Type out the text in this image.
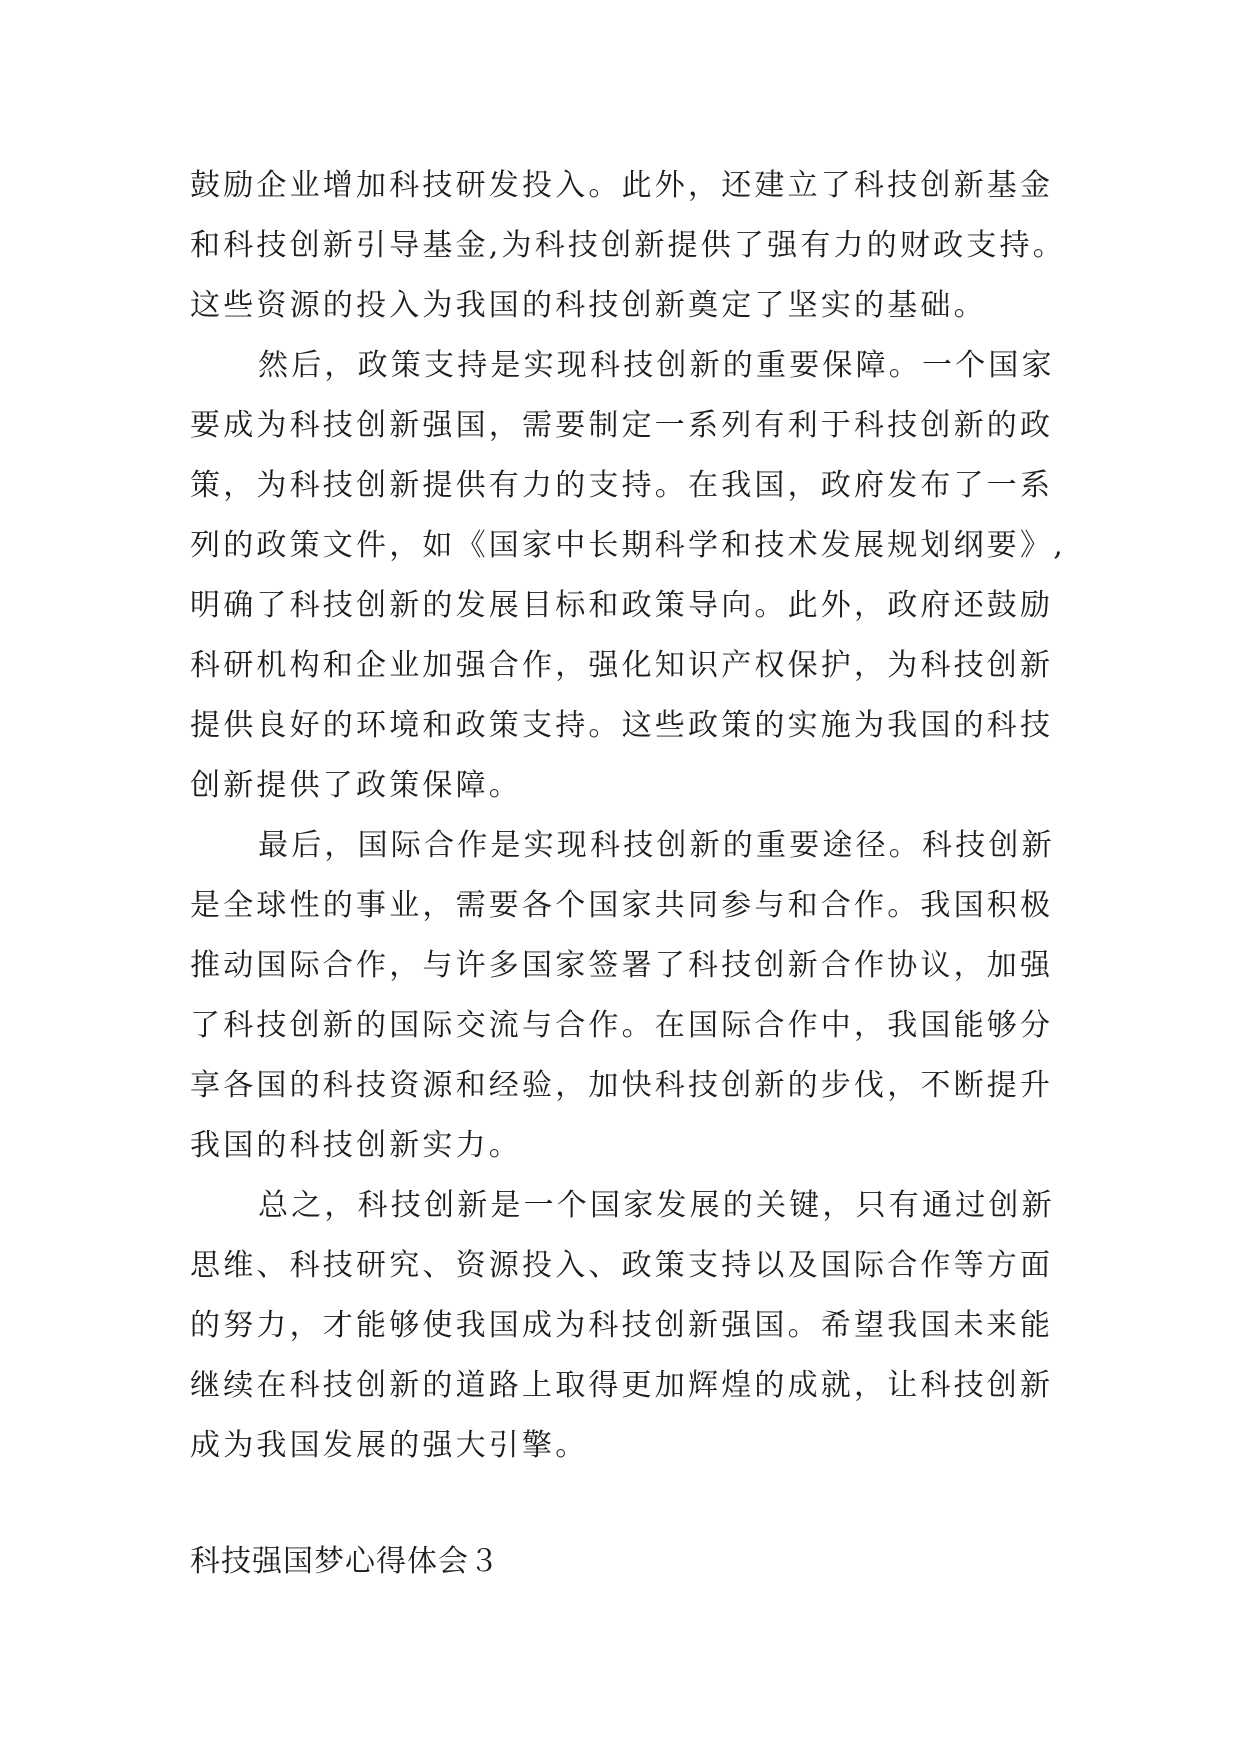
鼓励企业增加科技研发投入。此外，还建立了科技创新基金
和科技创新引导基金,为科技创新提供了强有力的财政支持。
这些资源的投入为我国的科技创新奠定了坚实的基础。
然后，政策支持是实现科技创新的重要保障。一个国家
要成为科技创新强国，需要制定一系列有利于科技创新的政
策，为科技创新提供有力的支持。在我国，政府发布了一系
列的政策文件，如《国家中长期科学和技术发展规划纲要》,
明确了科技创新的发展目标和政策导向。此外，政府还鼓励
科研机构和企业加强合作，强化知识产权保护，为科技创新
提供良好的环境和政策支持。这些政策的实施为我国的科技
创新提供了政策保障。
最后，国际合作是实现科技创新的重要途径。科技创新
是全球性的事业，需要各个国家共同参与和合作。我国积极
推动国际合作，与许多国家签署了科技创新合作协议，加强
了科技创新的国际交流与合作。在国际合作中，我国能够分
享各国的科技资源和经验，加快科技创新的步伐，不断提升
我国的科技创新实力。
总之，科技创新是一个国家发展的关键，只有通过创新
思维、科技研究、资源投入、政策支持以及国际合作等方面
的努力，才能够使我国成为科技创新强国。希望我国未来能
继续在科技创新的道路上取得更加辉煌的成就，让科技创新
成为我国发展的强大引擎。
科技强国梦心得体会３
